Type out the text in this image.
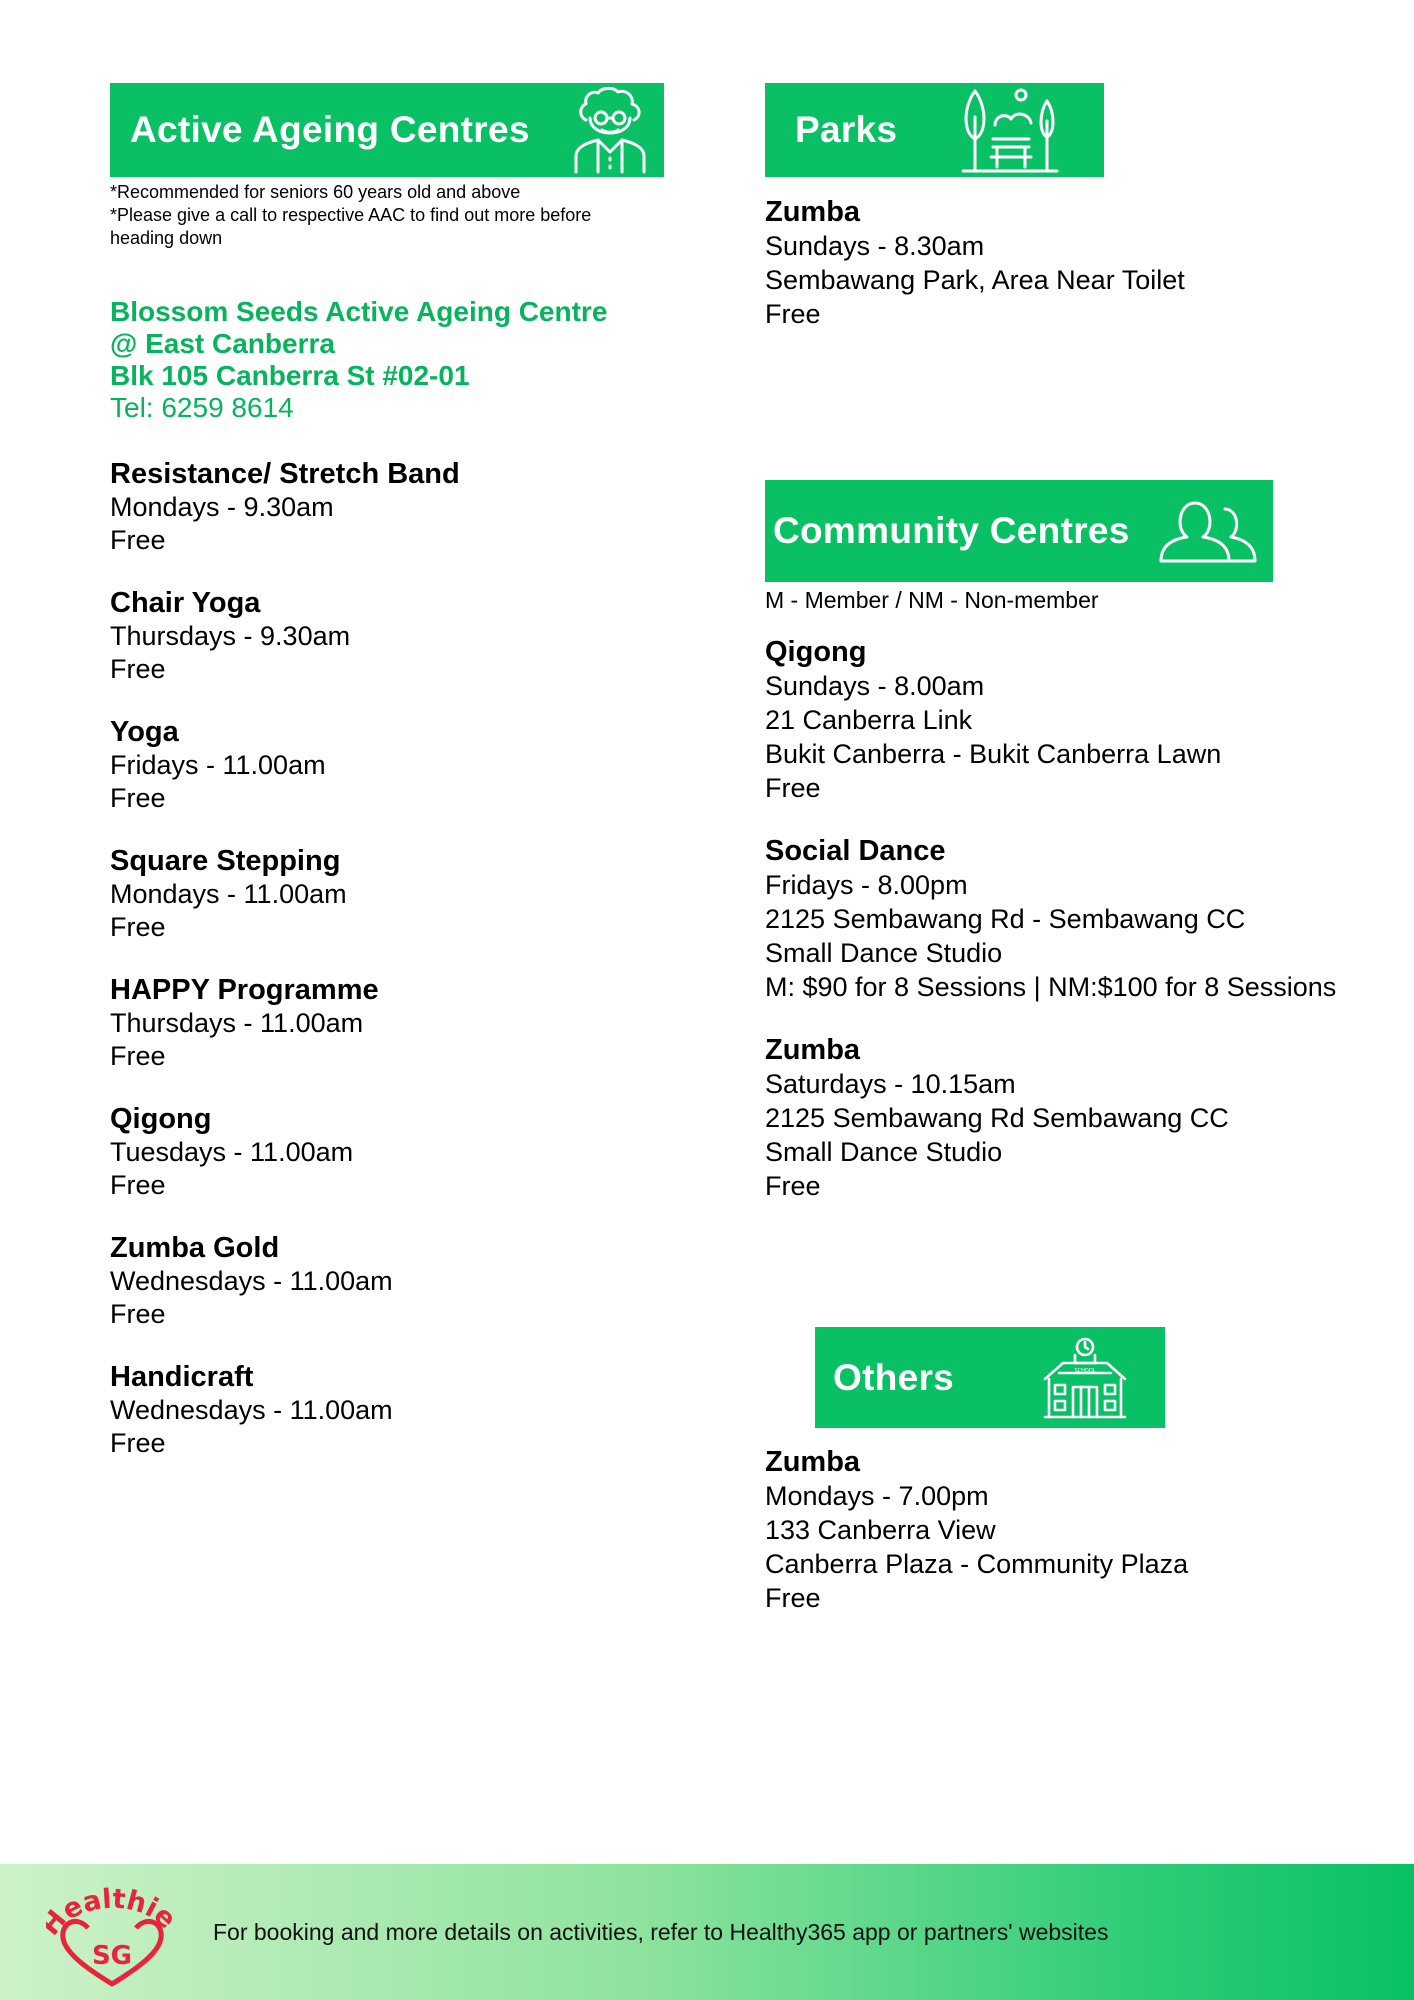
Active Ageing Centres
*Recommended for seniors 60 years old and above
*Please give a call to respective AAC to find out more before
heading down
Blossom Seeds Active Ageing Centre
@ East Canberra
Blk 105 Canberra St #02-01
Tel: 6259 8614
Resistance/ Stretch Band
Mondays - 9.30am
Free
Chair Yoga
Thursdays - 9.30am
Free
Yoga
Fridays - 11.00am
Free
Square Stepping
Mondays - 11.00am
Free
HAPPY Programme
Thursdays - 11.00am
Free
Qigong
Tuesdays - 11.00am
Free
Zumba Gold
Wednesdays - 11.00am
Free
Handicraft
Wednesdays - 11.00am
Free
Parks
Zumba
Sundays - 8.30am
Sembawang Park, Area Near Toilet
Free
Community Centres
M - Member / NM - Non-member
Qigong
Sundays - 8.00am
21 Canberra Link
Bukit Canberra - Bukit Canberra Lawn
Free
Social Dance
Fridays - 8.00pm
2125 Sembawang Rd - Sembawang CC
Small Dance Studio
M: $90 for 8 Sessions | NM:$100 for 8 Sessions
Zumba
Saturdays - 10.15am
2125 Sembawang Rd Sembawang CC
Small Dance Studio
Free
Others	SCHOOL
Zumba
Mondays - 7.00pm
133 Canberra View
Canberra Plaza - Community Plaza
Free
ealthi
SG
For booking and more details on activities, refer to Healthy365 app or partners' websites
